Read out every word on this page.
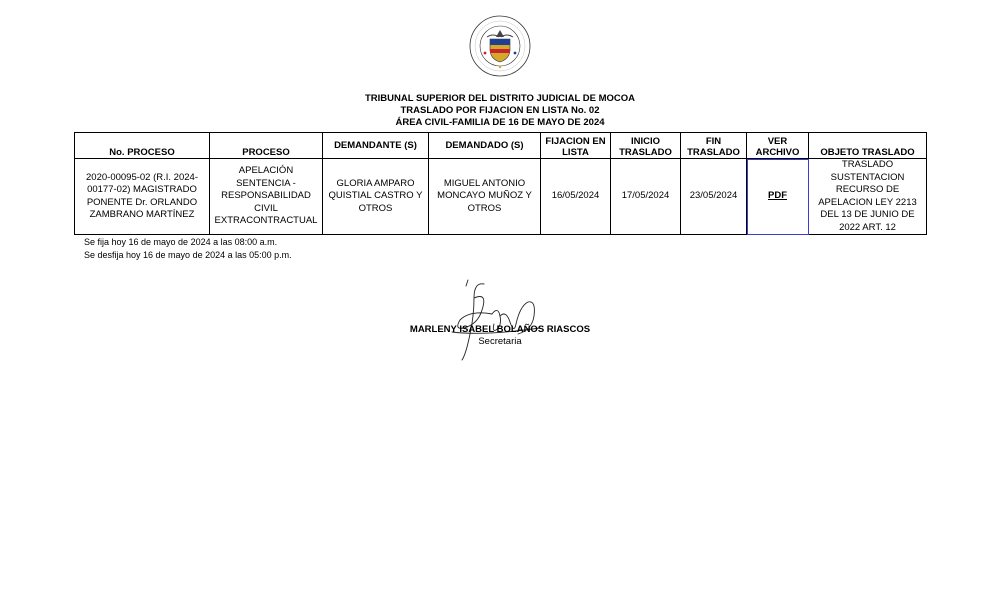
TRIBUNAL SUPERIOR DEL DISTRITO JUDICIAL DE MOCOA
TRASLADO POR FIJACION EN LISTA No. 02
ÁREA CIVIL-FAMILIA DE 16 DE MAYO DE 2024
No. PROCESO	PROCESO	DEMANDANTE (S)	DEMANDADO (S)	FIJACION EN LISTA	INICIO TRASLADO	FIN TRASLADO	VER ARCHIVO	OBJETO TRASLADO
2020-00095-02 (R.I. 2024-00177-02) MAGISTRADO PONENTE Dr. ORLANDO ZAMBRANO MARTÍNEZ	APELACIÓN SENTENCIA - RESPONSABILIDAD CIVIL EXTRACONTRACTUAL	GLORIA AMPARO QUISTIAL CASTRO Y OTROS	MIGUEL ANTONIO MONCAYO MUÑOZ Y OTROS	16/05/2024	17/05/2024	23/05/2024	PDF	TRASLADO SUSTENTACION RECURSO DE APELACION LEY 2213 DEL 13 DE JUNIO DE 2022 ART. 12
Se fija hoy 16 de mayo de 2024 a las 08:00 a.m.
Se desfija hoy 16 de mayo de 2024 a las 05:00 p.m.
MARLENY ISABEL BOLAÑOS RIASCOS
Secretaria
